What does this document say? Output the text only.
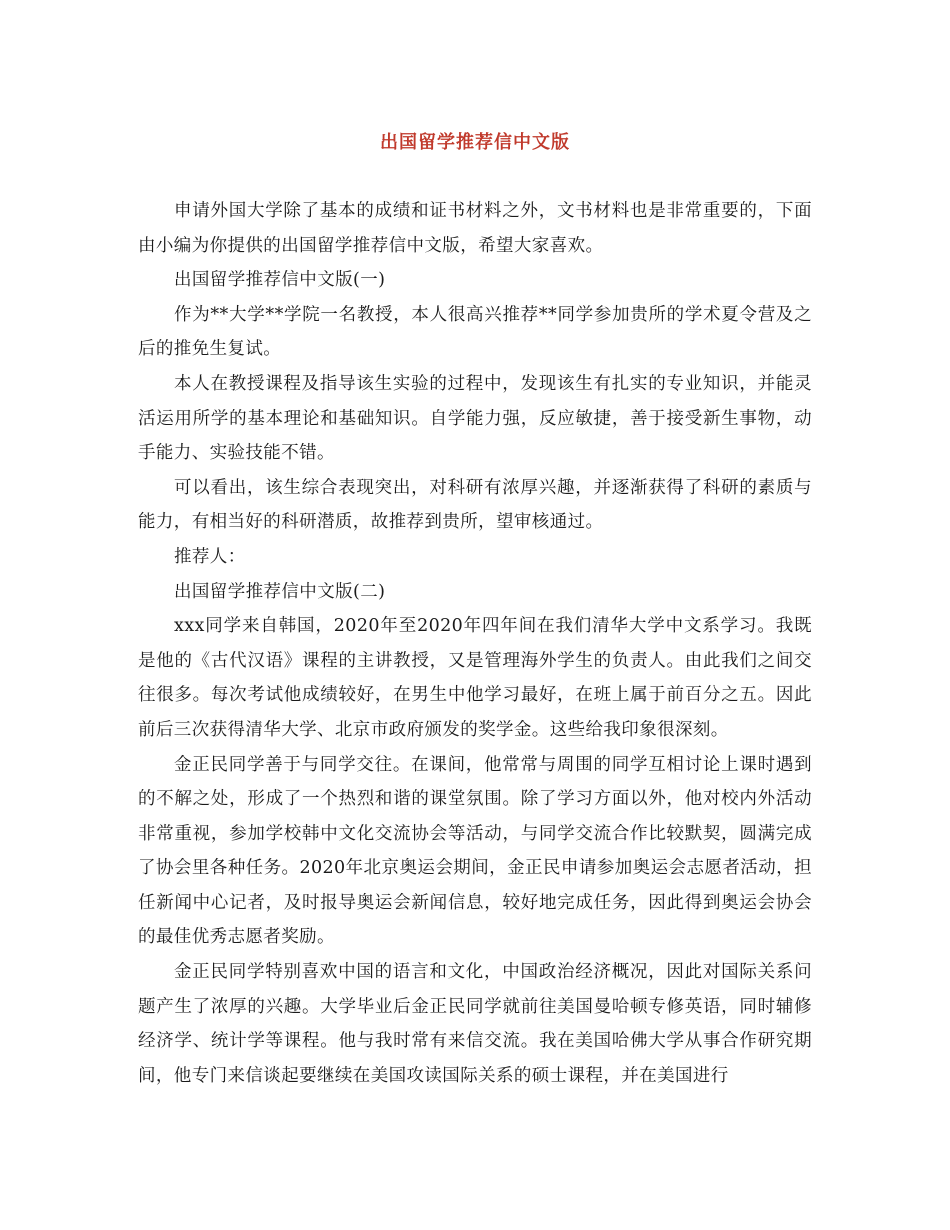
出国留学推荐信中文版

申请外国大学除了基本的成绩和证书材料之外，文书材料也是非常重要的，下面由小编为你提供的出国留学推荐信中文版，希望大家喜欢。

出国留学推荐信中文版(一)

作为**大学**学院一名教授，本人很高兴推荐**同学参加贵所的学术夏令营及之后的推免生复试。

本人在教授课程及指导该生实验的过程中，发现该生有扎实的专业知识，并能灵活运用所学的基本理论和基础知识。自学能力强，反应敏捷，善于接受新生事物，动手能力、实验技能不错。

可以看出，该生综合表现突出，对科研有浓厚兴趣，并逐渐获得了科研的素质与能力，有相当好的科研潜质，故推荐到贵所，望审核通过。

推荐人：

出国留学推荐信中文版(二)

xxx同学来自韩国，2020年至2020年四年间在我们清华大学中文系学习。我既是他的《古代汉语》课程的主讲教授，又是管理海外学生的负责人。由此我们之间交往很多。每次考试他成绩较好，在男生中他学习最好，在班上属于前百分之五。因此前后三次获得清华大学、北京市政府颁发的奖学金。这些给我印象很深刻。

金正民同学善于与同学交往。在课间，他常常与周围的同学互相讨论上课时遇到的不解之处，形成了一个热烈和谐的课堂氛围。除了学习方面以外，他对校内外活动非常重视，参加学校韩中文化交流协会等活动，与同学交流合作比较默契，圆满完成了协会里各种任务。2020年北京奥运会期间，金正民申请参加奥运会志愿者活动，担任新闻中心记者，及时报导奥运会新闻信息，较好地完成任务，因此得到奥运会协会的最佳优秀志愿者奖励。

金正民同学特别喜欢中国的语言和文化，中国政治经济概况，因此对国际关系问题产生了浓厚的兴趣。大学毕业后金正民同学就前往美国曼哈顿专修英语，同时辅修经济学、统计学等课程。他与我时常有来信交流。我在美国哈佛大学从事合作研究期间，他专门来信谈起要继续在美国攻读国际关系的硕士课程，并在美国进行
